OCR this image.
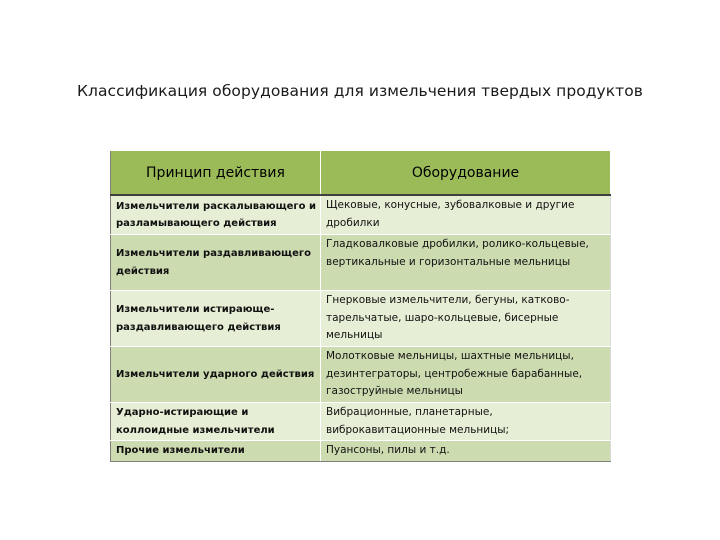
Классификация оборудования для измельчения твердых продуктов
Принцип действия	Оборудование
Измельчители раскалывающего и разламывающего действия	Щековые, конусные, зубовалковые и другие дробилки
Измельчители раздавливающего действия	Гладковалковые дробилки, ролико-кольцевые, вертикальные и горизонтальные мельницы
Измельчители истирающе-раздавливающего действия	Гнерковые измельчители, бегуны, катково-тарельчатые, шаро-кольцевые, бисерные мельницы
Измельчители ударного действия	Молотковые мельницы, шахтные мельницы, дезинтеграторы, центробежные барабанные, газоструйные мельницы
Ударно-истирающие и коллоидные измельчители	Вибрационные, планетарные, виброкавитационные мельницы;
Прочие измельчители	Пуансоны, пилы и т.д.
